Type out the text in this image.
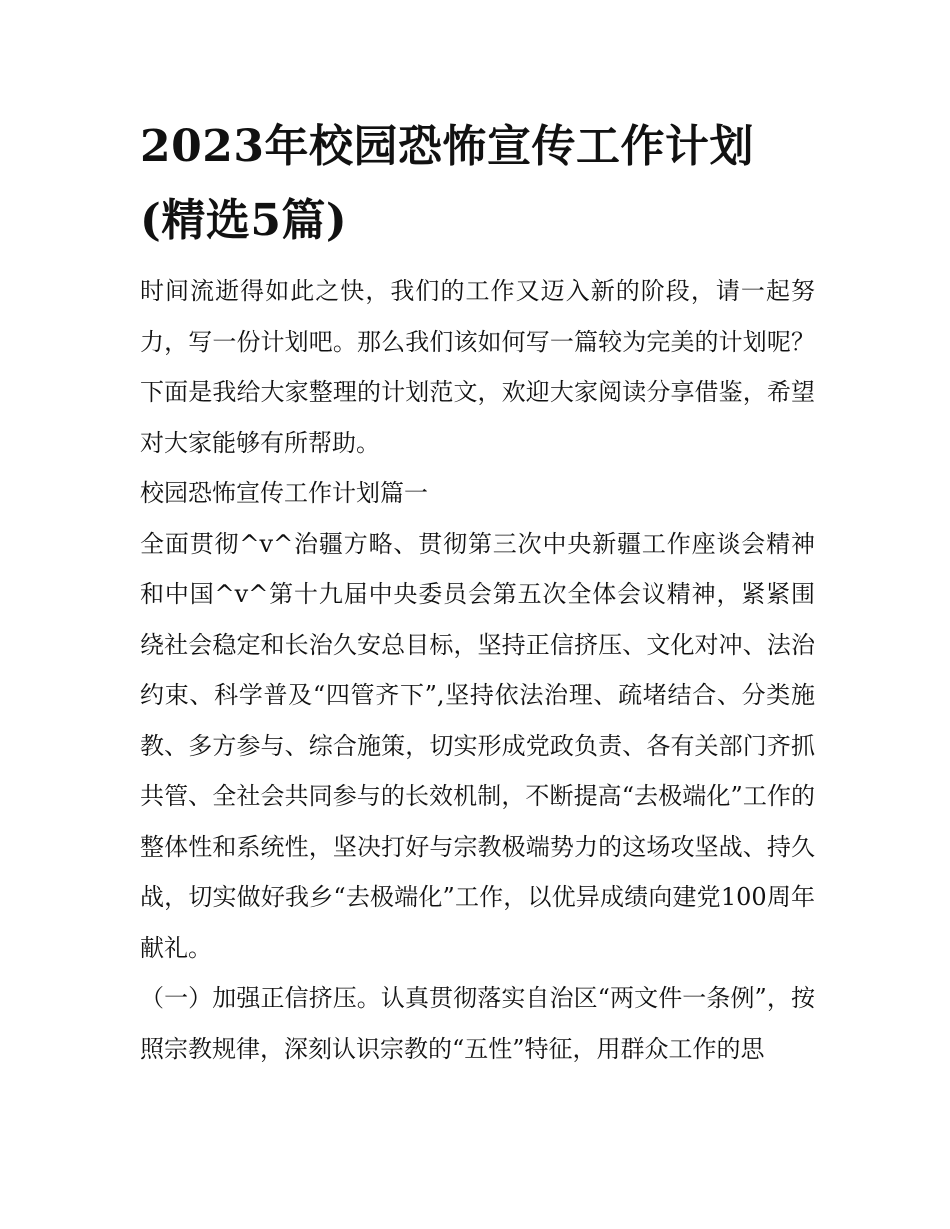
2023年校园恐怖宣传工作计划(精选5篇)

时间流逝得如此之快，我们的工作又迈入新的阶段，请一起努力，写一份计划吧。那么我们该如何写一篇较为完美的计划呢？下面是我给大家整理的计划范文，欢迎大家阅读分享借鉴，希望对大家能够有所帮助。

校园恐怖宣传工作计划篇一

全面贯彻^v^治疆方略、贯彻第三次中央新疆工作座谈会精神和中国^v^第十九届中央委员会第五次全体会议精神，紧紧围绕社会稳定和长治久安总目标，坚持正信挤压、文化对冲、法治约束、科学普及“四管齐下”,坚持依法治理、疏堵结合、分类施教、多方参与、综合施策，切实形成党政负责、各有关部门齐抓共管、全社会共同参与的长效机制，不断提高“去极端化”工作的整体性和系统性，坚决打好与宗教极端势力的这场攻坚战、持久战，切实做好我乡“去极端化”工作，以优异成绩向建党100周年献礼。

（一）加强正信挤压。认真贯彻落实自治区“两文件一条例”，按照宗教规律，深刻认识宗教的“五性”特征，用群众工作的思
